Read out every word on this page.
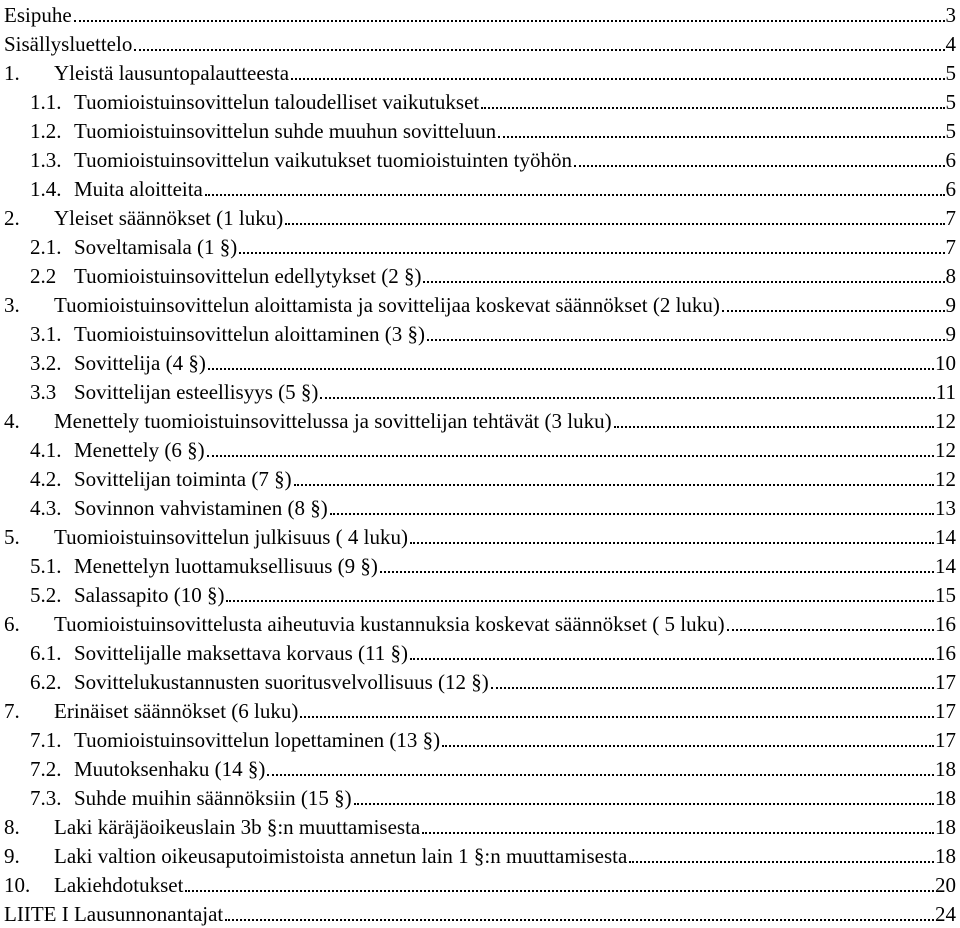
Esipuhe	3
Sisällysluettelo	4
1.	Yleistä lausuntopalautteesta	5
1.1. Tuomioistuinsovittelun taloudelliset vaikutukset	5
1.2. Tuomioistuinsovittelun suhde muuhun sovitteluun	5
1.3. Tuomioistuinsovittelun vaikutukset tuomioistuinten työhön	6
1.4. Muita aloitteita	6
2.	Yleiset säännökset (1 luku)	7
2.1. Soveltamisala (1 §)	7
2.2 Tuomioistuinsovittelun edellytykset (2 §)	8
3.	Tuomioistuinsovittelun aloittamista ja sovittelijaa koskevat säännökset (2 luku)	9
3.1. Tuomioistuinsovittelun aloittaminen (3 §)	9
3.2. Sovittelija (4 §)	10
3.3 Sovittelijan esteellisyys (5 §)	11
4.	Menettely tuomioistuinsovittelussa ja sovittelijan tehtävät (3 luku)	12
4.1. Menettely (6 §)	12
4.2. Sovittelijan toiminta (7 §)	12
4.3. Sovinnon vahvistaminen (8 §)	13
5.	Tuomioistuinsovittelun julkisuus ( 4 luku)	14
5.1. Menettelyn luottamuksellisuus (9 §)	14
5.2. Salassapito (10 §)	15
6.	Tuomioistuinsovittelusta aiheutuvia kustannuksia koskevat säännökset ( 5 luku)	16
6.1. Sovittelijalle maksettava korvaus (11 §)	16
6.2. Sovittelukustannusten suoritusvelvollisuus (12 §)	17
7.	Erinäiset säännökset (6 luku)	17
7.1. Tuomioistuinsovittelun lopettaminen (13 §)	17
7.2. Muutoksenhaku (14 §)	18
7.3. Suhde muihin säännöksiin (15 §)	18
8.	Laki käräjäoikeuslain 3b §:n muuttamisesta	18
9.	Laki valtion oikeusaputoimistoista annetun lain 1 §:n muuttamisesta	18
10.	Lakiehdotukset	20
LIITE I Lausunnonantajat	24
